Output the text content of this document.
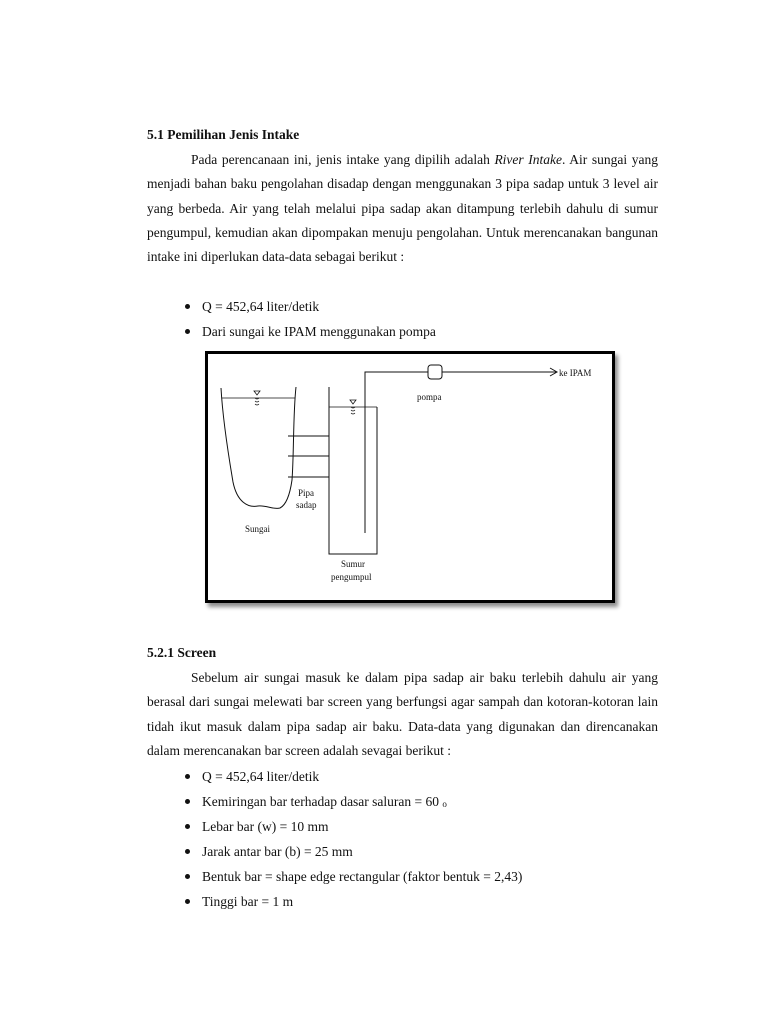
5.1 Pemilihan Jenis Intake
Pada perencanaan ini, jenis intake yang dipilih adalah River Intake. Air sungai yang menjadi bahan baku pengolahan disadap dengan menggunakan 3 pipa sadap untuk 3 level air yang berbeda. Air yang telah melalui pipa sadap akan ditampung terlebih dahulu di sumur pengumpul, kemudian akan dipompakan menuju pengolahan. Untuk merencanakan bangunan intake ini diperlukan data-data sebagai berikut :
Q = 452,64 liter/detik
Dari sungai ke IPAM menggunakan pompa
ke IPAM
pompa
Pipa
sadap
Sungai
Sumur
pengumpul
5.2.1 Screen
Sebelum air sungai masuk ke dalam pipa sadap air baku terlebih dahulu air yang berasal dari sungai melewati bar screen yang berfungsi agar sampah dan kotoran-kotoran lain tidah ikut masuk dalam pipa sadap air baku. Data-data yang digunakan dan direncanakan dalam merencanakan bar screen adalah sevagai berikut :
Q = 452,64 liter/detik
Kemiringan bar terhadap dasar saluran = 60 o
Lebar bar (w) = 10 mm
Jarak antar bar (b) = 25 mm
Bentuk bar = shape edge rectangular (faktor bentuk = 2,43)
Tinggi bar = 1 m
